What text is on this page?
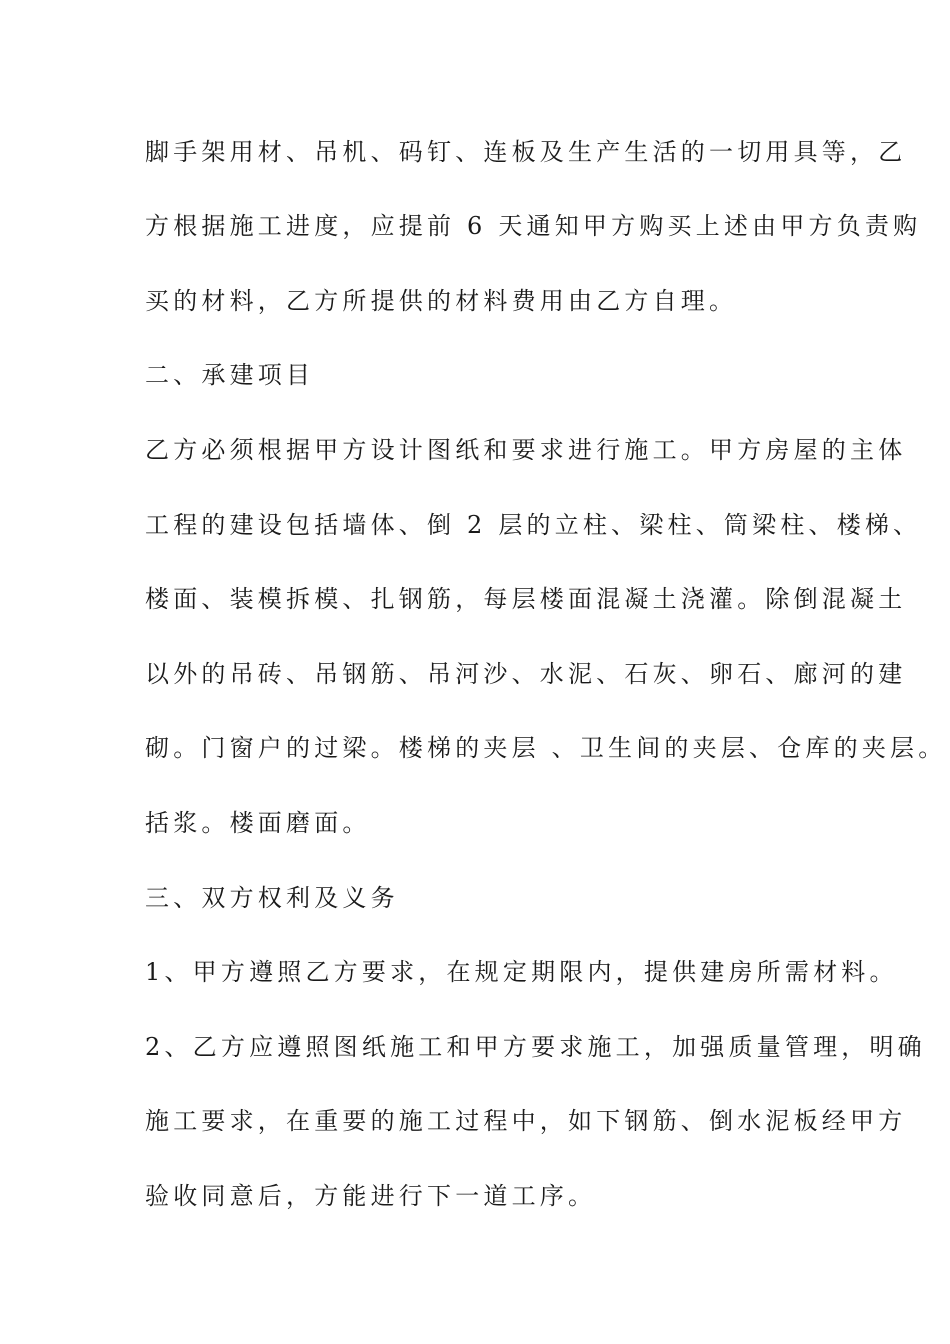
脚手架用材、吊机、码钉、连板及生产生活的一切用具等，乙
方根据施工进度，应提前 6 天通知甲方购买上述由甲方负责购
买的材料，乙方所提供的材料费用由乙方自理。
二、承建项目
乙方必须根据甲方设计图纸和要求进行施工。甲方房屋的主体
工程的建设包括墙体、倒 2 层的立柱、梁柱、筒梁柱、楼梯、
楼面、装模拆模、扎钢筋，每层楼面混凝土浇灌。除倒混凝土
以外的吊砖、吊钢筋、吊河沙、水泥、石灰、卵石、廊河的建
砌。门窗户的过梁。楼梯的夹层 、卫生间的夹层、仓库的夹层。
括浆。楼面磨面。
三、双方权利及义务
1、甲方遵照乙方要求，在规定期限内，提供建房所需材料。
2、乙方应遵照图纸施工和甲方要求施工，加强质量管理，明确
施工要求，在重要的施工过程中，如下钢筋、倒水泥板经甲方
验收同意后，方能进行下一道工序。
